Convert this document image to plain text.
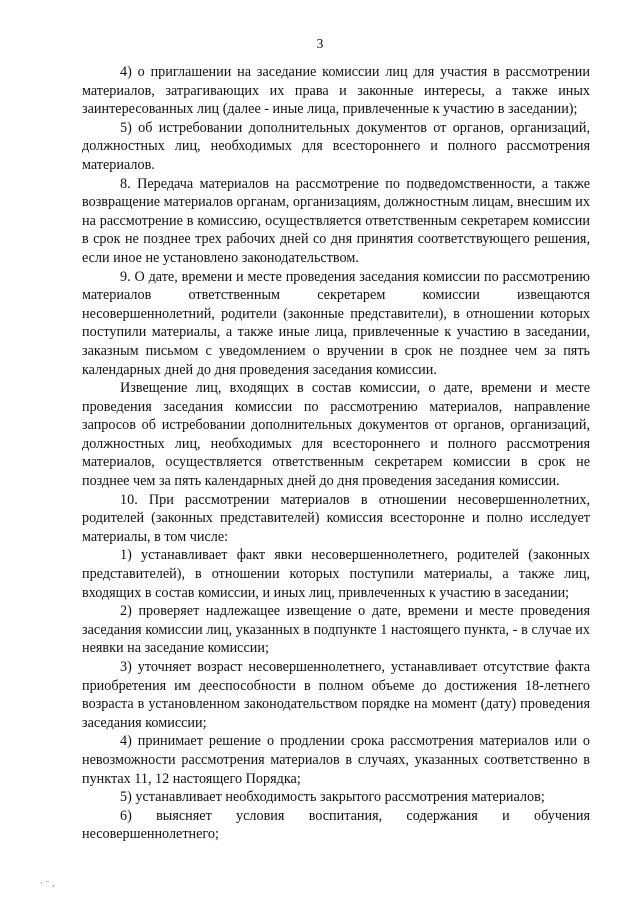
3

4) о приглашении на заседание комиссии лиц для участия в рассмотрении материалов, затрагивающих их права и законные интересы, а также иных заинтересованных лиц (далее - иные лица, привлеченные к участию в заседании);

5) об истребовании дополнительных документов от органов, организаций, должностных лиц, необходимых для всестороннего и полного рассмотрения материалов.

8. Передача материалов на рассмотрение по подведомственности, а также возвращение материалов органам, организациям, должностным лицам, внесшим их на рассмотрение в комиссию, осуществляется ответственным секретарем комиссии в срок не позднее трех рабочих дней со дня принятия соответствующего решения, если иное не установлено законодательством.

9. О дате, времени и месте проведения заседания комиссии по рассмотрению материалов ответственным секретарем комиссии извещаются несовершеннолетний, родители (законные представители), в отношении которых поступили материалы, а также иные лица, привлеченные к участию в заседании, заказным письмом с уведомлением о вручении в срок не позднее чем за пять календарных дней до дня проведения заседания комиссии.

Извещение лиц, входящих в состав комиссии, о дате, времени и месте проведения заседания комиссии по рассмотрению материалов, направление запросов об истребовании дополнительных документов от органов, организаций, должностных лиц, необходимых для всестороннего и полного рассмотрения материалов, осуществляется ответственным секретарем комиссии в срок не позднее чем за пять календарных дней до дня проведения заседания комиссии.

10. При рассмотрении материалов в отношении несовершеннолетних, родителей (законных представителей) комиссия всесторонне и полно исследует материалы, в том числе:

1) устанавливает факт явки несовершеннолетнего, родителей (законных представителей), в отношении которых поступили материалы, а также лиц, входящих в состав комиссии, и иных лиц, привлеченных к участию в заседании;

2) проверяет надлежащее извещение о дате, времени и месте проведения заседания комиссии лиц, указанных в подпункте 1 настоящего пункта, - в случае их неявки на заседание комиссии;

3) уточняет возраст несовершеннолетнего, устанавливает отсутствие факта приобретения им дееспособности в полном объеме до достижения 18-летнего возраста в установленном законодательством порядке на момент (дату) проведения заседания комиссии;

4) принимает решение о продлении срока рассмотрения материалов или о невозможности рассмотрения материалов в случаях, указанных соответственно в пунктах 11, 12 настоящего Порядка;

5) устанавливает необходимость закрытого рассмотрения материалов;

6) выясняет условия воспитания, содержания и обучения несовершеннолетнего;

· ⁻ ,
